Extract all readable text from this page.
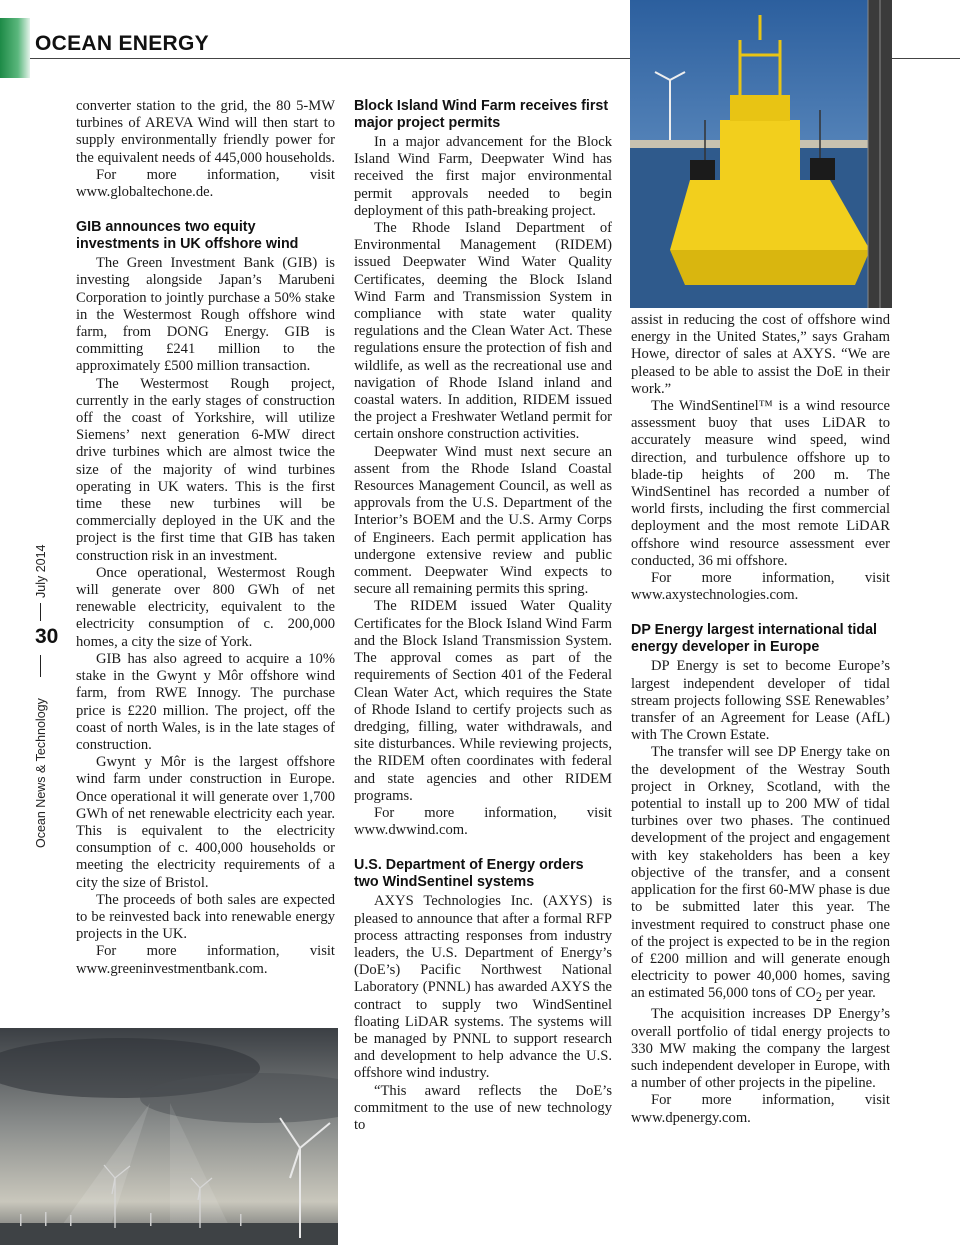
OCEAN ENERGY
Ocean News & Technology
30
July 2014

converter station to the grid, the 80 5-MW turbines of AREVA Wind will then start to supply environmentally friendly power for the equivalent needs of 445,000 households.

For more information, visit www.globaltechone.de.

GIB announces two equity investments in UK offshore wind

The Green Investment Bank (GIB) is investing alongside Japan’s Marubeni Corporation to jointly purchase a 50% stake in the Westermost Rough offshore wind farm, from DONG Energy. GIB is committing £241 million to the approximately £500 million transaction.

The Westermost Rough project, currently in the early stages of construction off the coast of Yorkshire, will utilize Siemens’ next generation 6-MW direct drive turbines which are almost twice the size of the majority of wind turbines operating in UK waters. This is the first time these new turbines will be commercially deployed in the UK and the project is the first time that GIB has taken construction risk in an investment.

Once operational, Westermost Rough will generate over 800 GWh of net renewable electricity, equivalent to the electricity consumption of c. 200,000 homes, a city the size of York.

GIB has also agreed to acquire a 10% stake in the Gwynt y Môr offshore wind farm, from RWE Innogy. The purchase price is £220 million. The project, off the coast of north Wales, is in the late stages of construction.

Gwynt y Môr is the largest offshore wind farm under construction in Europe. Once operational it will generate over 1,700 GWh of net renewable electricity each year. This is equivalent to the electricity consumption of c. 400,000 households or meeting the electricity requirements of a city the size of Bristol.

The proceeds of both sales are expected to be reinvested back into renewable energy projects in the UK.

For more information, visit www.greeninvestmentbank.com.

Block Island Wind Farm receives first major project permits

In a major advancement for the Block Island Wind Farm, Deepwater Wind has received the first major environmental permit approvals needed to begin deployment of this path-breaking project.

The Rhode Island Department of Environmental Management (RIDEM) issued Deepwater Wind Water Quality Certificates, deeming the Block Island Wind Farm and Transmission System in compliance with state water quality regulations and the Clean Water Act. These regulations ensure the protection of fish and wildlife, as well as the recreational use and navigation of Rhode Island inland and coastal waters. In addition, RIDEM issued the project a Freshwater Wetland permit for certain onshore construction activities.

Deepwater Wind must next secure an assent from the Rhode Island Coastal Resources Management Council, as well as approvals from the U.S. Department of the Interior’s BOEM and the U.S. Army Corps of Engineers. Each permit application has undergone extensive review and public comment. Deepwater Wind expects to secure all remaining permits this spring.

The RIDEM issued Water Quality Certificates for the Block Island Wind Farm and the Block Island Transmission System. The approval comes as part of the requirements of Section 401 of the Federal Clean Water Act, which requires the State of Rhode Island to certify projects such as dredging, filling, water withdrawals, and site disturbances. While reviewing projects, the RIDEM often coordinates with federal and state agencies and other RIDEM programs.

For more information, visit www.dwwind.com.

U.S. Department of Energy orders two WindSentinel systems

AXYS Technologies Inc. (AXYS) is pleased to announce that after a formal RFP process attracting responses from industry leaders, the U.S. Department of Energy’s (DoE’s) Pacific Northwest National Laboratory (PNNL) has awarded AXYS the contract to supply two WindSentinel floating LiDAR systems. The systems will be managed by PNNL to support research and development to help advance the U.S. offshore wind industry.

“This award reflects the DoE’s commitment to the use of new technology to

assist in reducing the cost of offshore wind energy in the United States,” says Graham Howe, director of sales at AXYS. “We are pleased to be able to assist the DoE in their work.”

The WindSentinel™ is a wind resource assessment buoy that uses LiDAR to accurately measure wind speed, wind direction, and turbulence offshore up to blade-tip heights of 200 m. The WindSentinel has recorded a number of world firsts, including the first commercial deployment and the most remote LiDAR offshore wind resource assessment ever conducted, 36 mi offshore.

For more information, visit www.axystechnologies.com.

DP Energy largest international tidal energy developer in Europe

DP Energy is set to become Europe’s largest independent developer of tidal stream projects following SSE Renewables’ transfer of an Agreement for Lease (AfL) with The Crown Estate.

The transfer will see DP Energy take on the development of the Westray South project in Orkney, Scotland, with the potential to install up to 200 MW of tidal turbines over two phases. The continued development of the project and engagement with key stakeholders has been a key objective of the transfer, and a consent application for the first 60-MW phase is due to be submitted later this year. The investment required to construct phase one of the project is expected to be in the region of £200 million and will generate enough electricity to power 40,000 homes, saving an estimated 56,000 tons of $CO_2$ per year.

The acquisition increases DP Energy’s overall portfolio of tidal energy projects to 330 MW making the company the largest such independent developer in Europe, with a number of other projects in the pipeline.

For more information, visit www.dpenergy.com.
